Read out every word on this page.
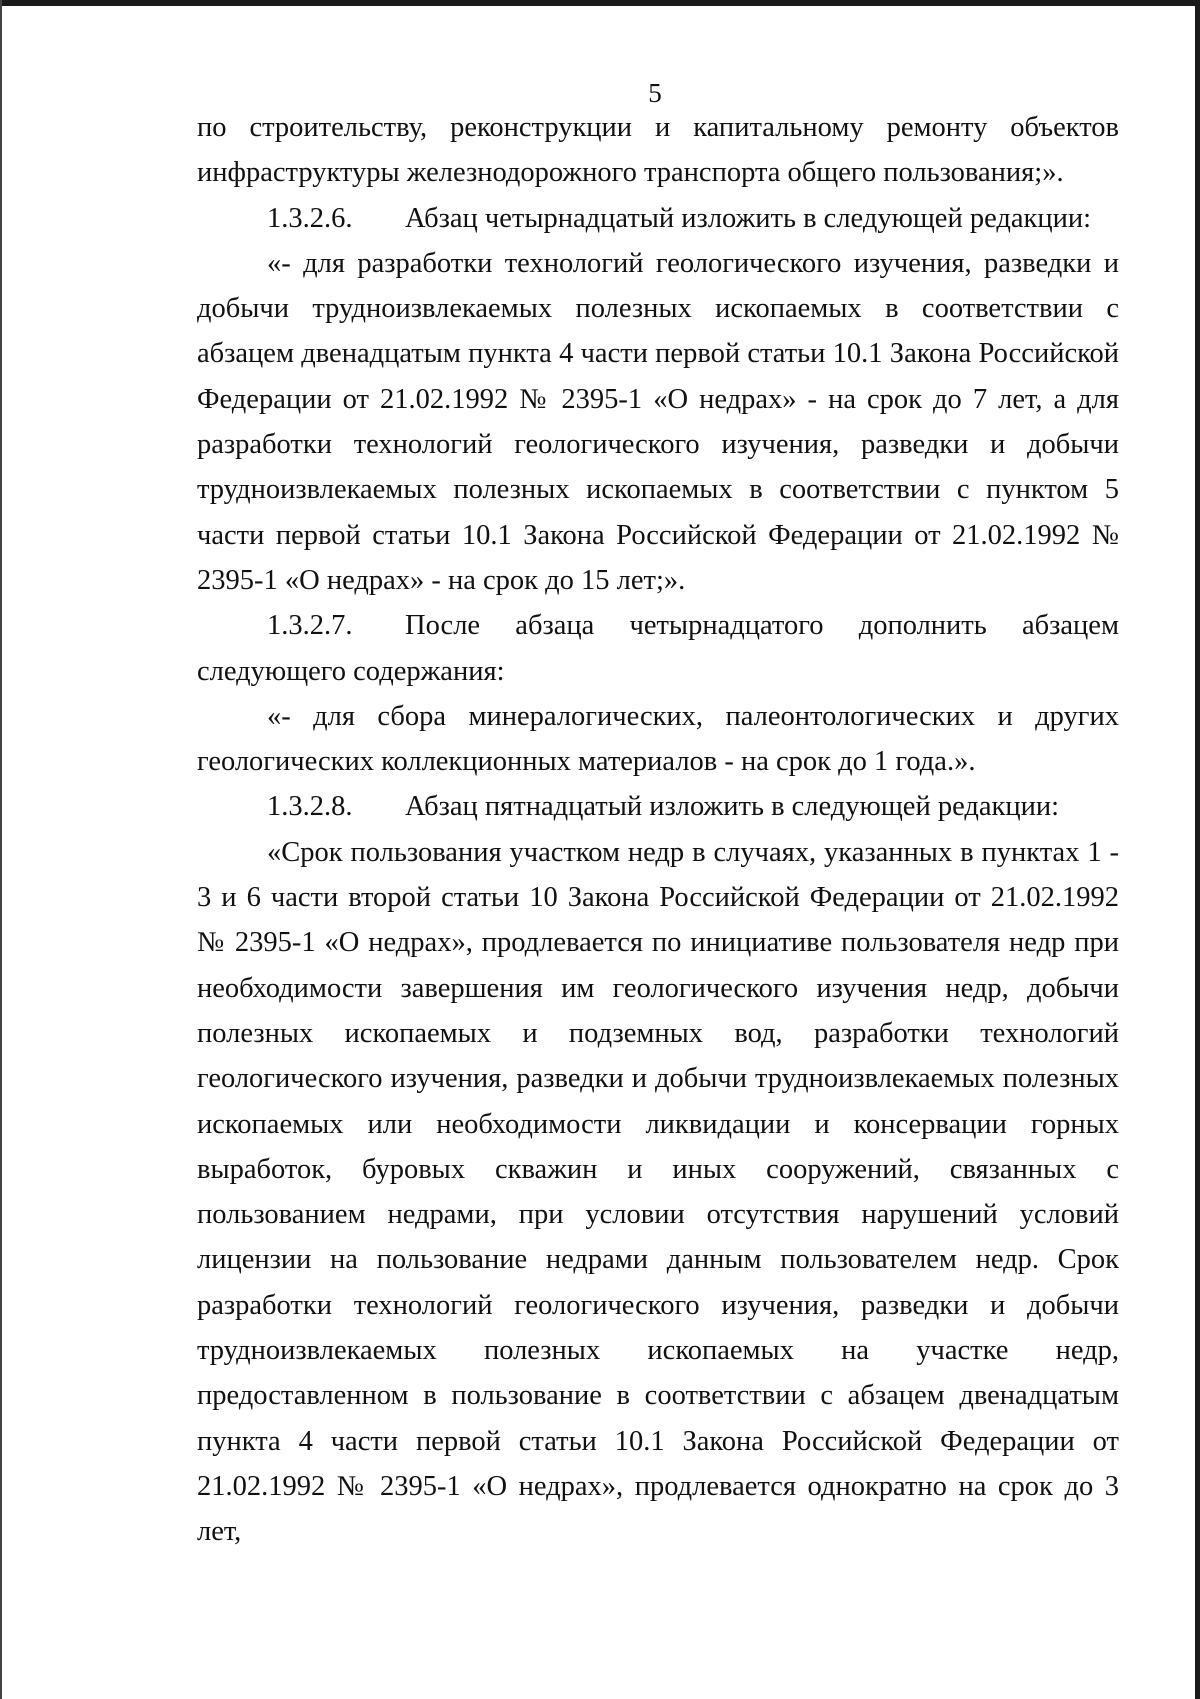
5

по строительству, реконструкции и капитальному ремонту объектов инфраструктуры железнодорожного транспорта общего пользования;».

1.3.2.6. Абзац четырнадцатый изложить в следующей редакции:

«- для разработки технологий геологического изучения, разведки и добычи трудноизвлекаемых полезных ископаемых в соответствии с абзацем двенадцатым пункта 4 части первой статьи 10.1 Закона Российской Федерации от 21.02.1992 № 2395-1 «О недрах» - на срок до 7 лет, а для разработки технологий геологического изучения, разведки и добычи трудноизвлекаемых полезных ископаемых в соответствии с пунктом 5 части первой статьи 10.1 Закона Российской Федерации от 21.02.1992 № 2395-1 «О недрах» - на срок до 15 лет;».

1.3.2.7. После абзаца четырнадцатого дополнить абзацем следующего содержания:

«- для сбора минералогических, палеонтологических и других геологических коллекционных материалов - на срок до 1 года.».

1.3.2.8. Абзац пятнадцатый изложить в следующей редакции:

«Срок пользования участком недр в случаях, указанных в пунктах 1 - 3 и 6 части второй статьи 10 Закона Российской Федерации от 21.02.1992 № 2395-1 «О недрах», продлевается по инициативе пользователя недр при необходимости завершения им геологического изучения недр, добычи полезных ископаемых и подземных вод, разработки технологий геологического изучения, разведки и добычи трудноизвлекаемых полезных ископаемых или необходимости ликвидации и консервации горных выработок, буровых скважин и иных сооружений, связанных с пользованием недрами, при условии отсутствия нарушений условий лицензии на пользование недрами данным пользователем недр. Срок разработки технологий геологического изучения, разведки и добычи трудноизвлекаемых полезных ископаемых на участке недр, предоставленном в пользование в соответствии с абзацем двенадцатым пункта 4 части первой статьи 10.1 Закона Российской Федерации от 21.02.1992 № 2395-1 «О недрах», продлевается однократно на срок до 3 лет,
